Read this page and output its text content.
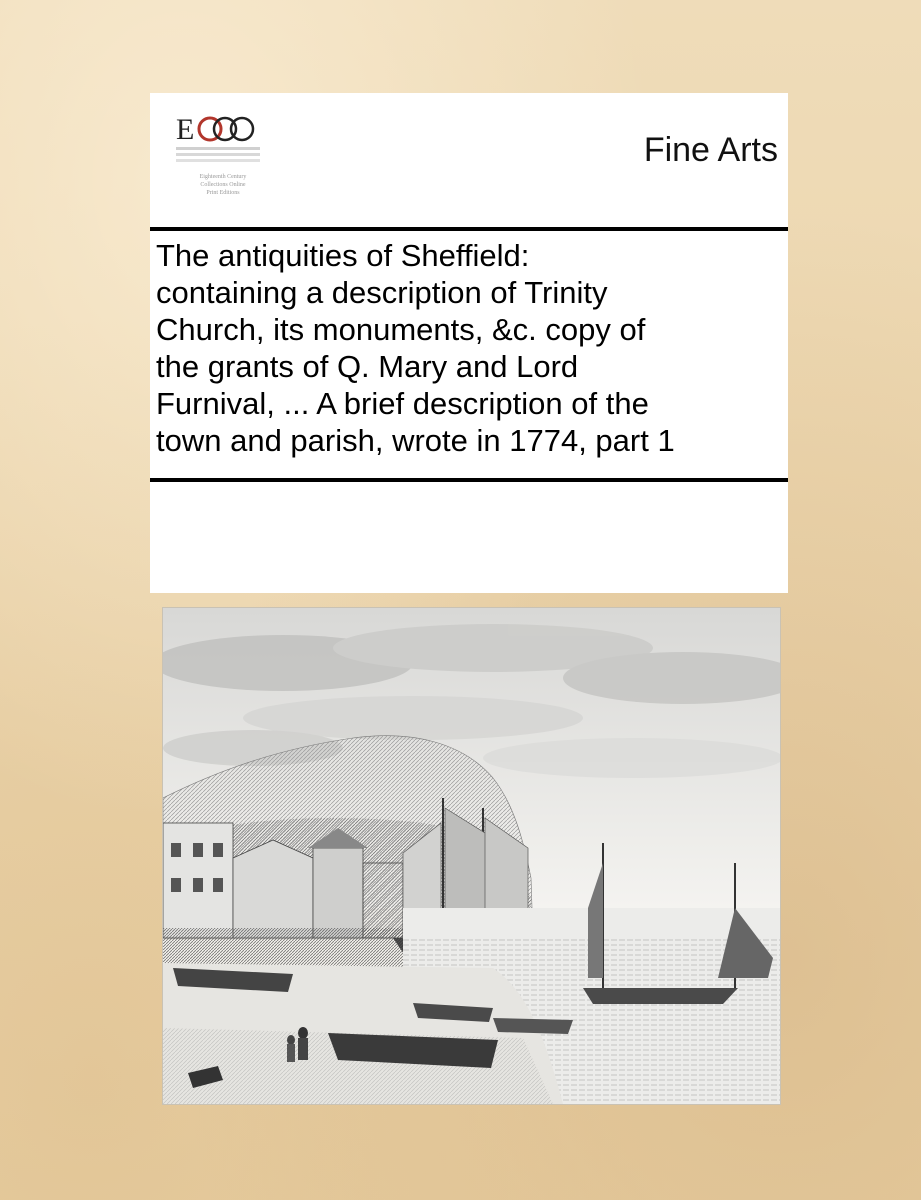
E
Eighteenth Century
Collections Online
Print Editions
Fine Arts
The antiquities of Sheffield:
containing a description of Trinity
Church, its monuments, &c. copy of
the grants of Q. Mary and Lord
Furnival, ... A brief description of the
town and parish, wrote in 1774, part 1
